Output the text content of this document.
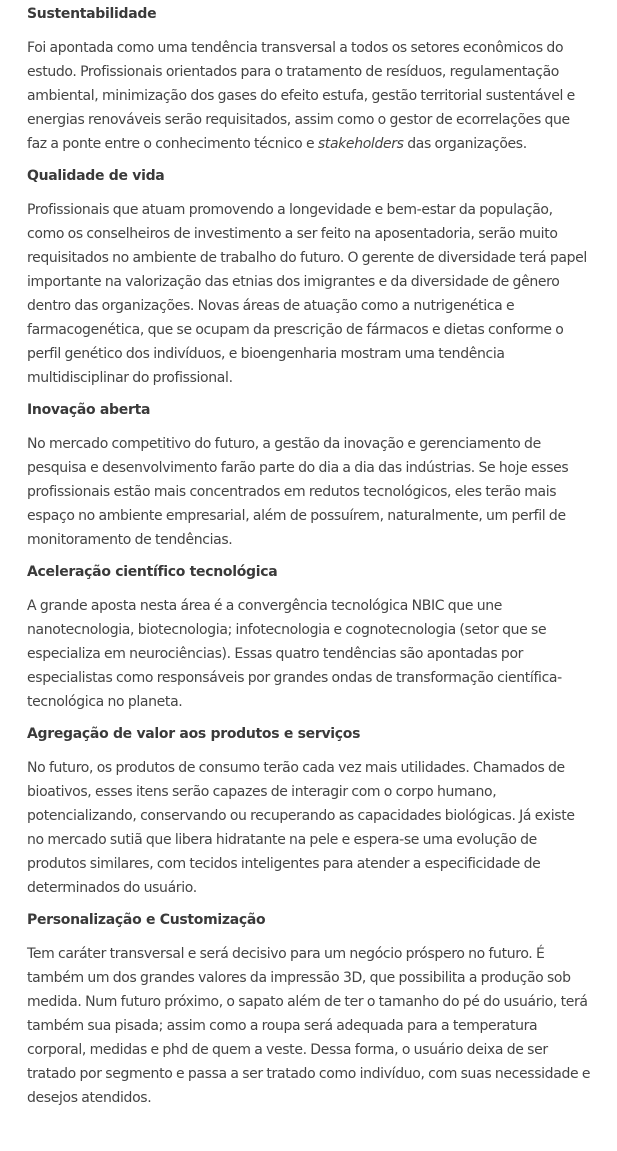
Sustentabilidade

Foi apontada como uma tendência transversal a todos os setores econômicos do estudo. Profissionais orientados para o tratamento de resíduos, regulamentação ambiental, minimização dos gases do efeito estufa, gestão territorial sustentável e energias renováveis serão requisitados, assim como o gestor de ecorrelações que faz a ponte entre o conhecimento técnico e stakeholders das organizações.

Qualidade de vida

Profissionais que atuam promovendo a longevidade e bem-estar da população, como os conselheiros de investimento a ser feito na aposentadoria, serão muito requisitados no ambiente de trabalho do futuro. O gerente de diversidade terá papel importante na valorização das etnias dos imigrantes e da diversidade de gênero dentro das organizações. Novas áreas de atuação como a nutrigenética e farmacogenética, que se ocupam da prescrição de fármacos e dietas conforme o perfil genético dos indivíduos, e bioengenharia mostram uma tendência multidisciplinar do profissional.

Inovação aberta

No mercado competitivo do futuro, a gestão da inovação e gerenciamento de pesquisa e desenvolvimento farão parte do dia a dia das indústrias. Se hoje esses profissionais estão mais concentrados em redutos tecnológicos, eles terão mais espaço no ambiente empresarial, além de possuírem, naturalmente, um perfil de monitoramento de tendências.

Aceleração científico tecnológica

A grande aposta nesta área é a convergência tecnológica NBIC que une nanotecnologia, biotecnologia; infotecnologia e cognotecnologia (setor que se especializa em neurociências). Essas quatro tendências são apontadas por especialistas como responsáveis por grandes ondas de transformação científica-tecnológica no planeta.

Agregação de valor aos produtos e serviços

No futuro, os produtos de consumo terão cada vez mais utilidades. Chamados de bioativos, esses itens serão capazes de interagir com o corpo humano, potencializando, conservando ou recuperando as capacidades biológicas. Já existe no mercado sutiã que libera hidratante na pele e espera-se uma evolução de produtos similares, com tecidos inteligentes para atender a especificidade de determinados do usuário.

Personalização e Customização

Tem caráter transversal e será decisivo para um negócio próspero no futuro. É também um dos grandes valores da impressão 3D, que possibilita a produção sob medida. Num futuro próximo, o sapato além de ter o tamanho do pé do usuário, terá também sua pisada; assim como a roupa será adequada para a temperatura corporal, medidas e phd de quem a veste. Dessa forma, o usuário deixa de ser tratado por segmento e passa a ser tratado como indivíduo, com suas necessidade e desejos atendidos.
